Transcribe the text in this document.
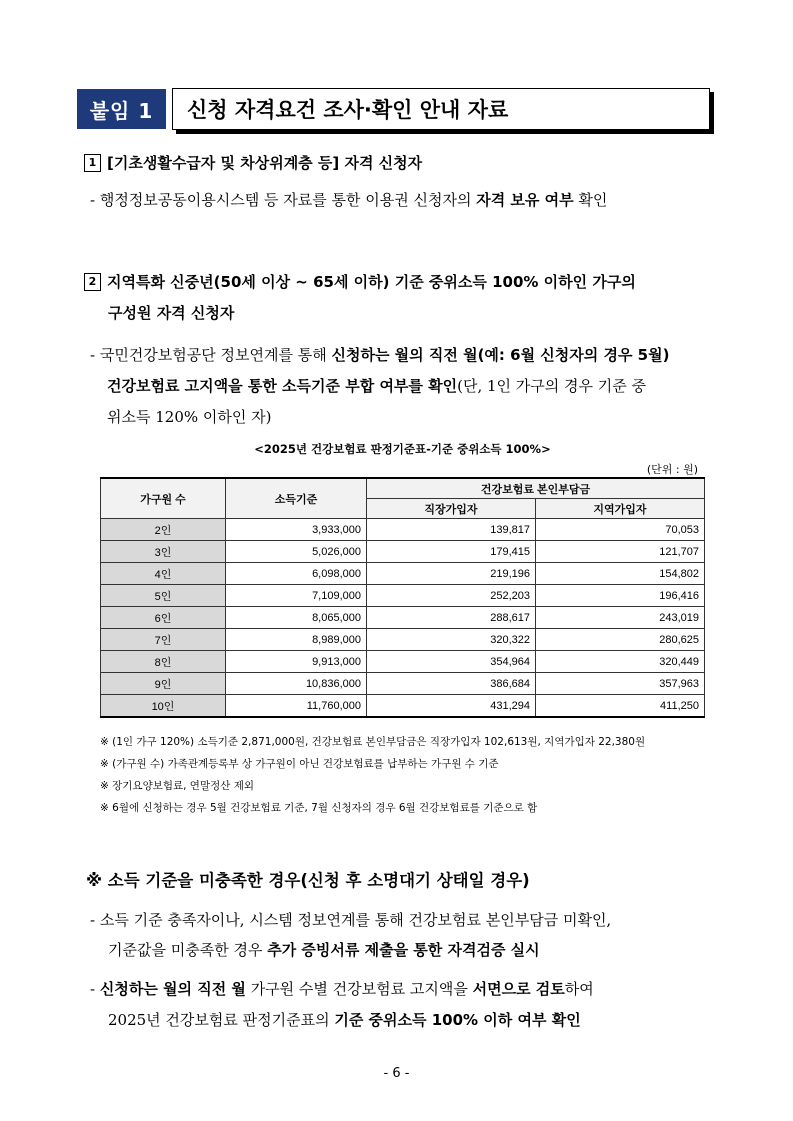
붙임 1	신청 자격요건 조사·확인 안내 자료
1 [기초생활수급자 및 차상위계층 등] 자격 신청자
- 행정정보공동이용시스템 등 자료를 통한 이용권 신청자의 자격 보유 여부 확인
2 지역특화 신중년(50세 이상 ~ 65세 이하) 기준 중위소득 100% 이하인 가구의
구성원 자격 신청자
- 국민건강보험공단 정보연계를 통해 신청하는 월의 직전 월(예: 6월 신청자의 경우 5월)
건강보험료 고지액을 통한 소득기준 부합 여부를 확인(단, 1인 가구의 경우 기준 중
위소득 120% 이하인 자)
<2025년 건강보험료 판정기준표-기준 중위소득 100%>
(단위 : 원)
가구원 수	소득기준	건강보험료 본인부담금	
		직장가입자	지역가입자
2인	3,933,000	139,817	70,053
3인	5,026,000	179,415	121,707
4인	6,098,000	219,196	154,802
5인	7,109,000	252,203	196,416
6인	8,065,000	288,617	243,019
7인	8,989,000	320,322	280,625
8인	9,913,000	354,964	320,449
9인	10,836,000	386,684	357,963
10인	11,760,000	431,294	411,250
※ (1인 가구 120%) 소득기준 2,871,000원, 건강보험료 본인부담금은 직장가입자 102,613원, 지역가입자 22,380원
※ (가구원 수) 가족관계등록부 상 가구원이 아닌 건강보험료를 납부하는 가구원 수 기준
※ 장기요양보험료, 연말정산 제외
※ 6월에 신청하는 경우 5월 건강보험료 기준, 7월 신청자의 경우 6월 건강보험료를 기준으로 함
※ 소득 기준을 미충족한 경우(신청 후 소명대기 상태일 경우)
- 소득 기준 충족자이나, 시스템 정보연계를 통해 건강보험료 본인부담금 미확인,
기준값을 미충족한 경우 추가 증빙서류 제출을 통한 자격검증 실시
- 신청하는 월의 직전 월 가구원 수별 건강보험료 고지액을 서면으로 검토하여
2025년 건강보험료 판정기준표의 기준 중위소득 100% 이하 여부 확인
- 6 -
